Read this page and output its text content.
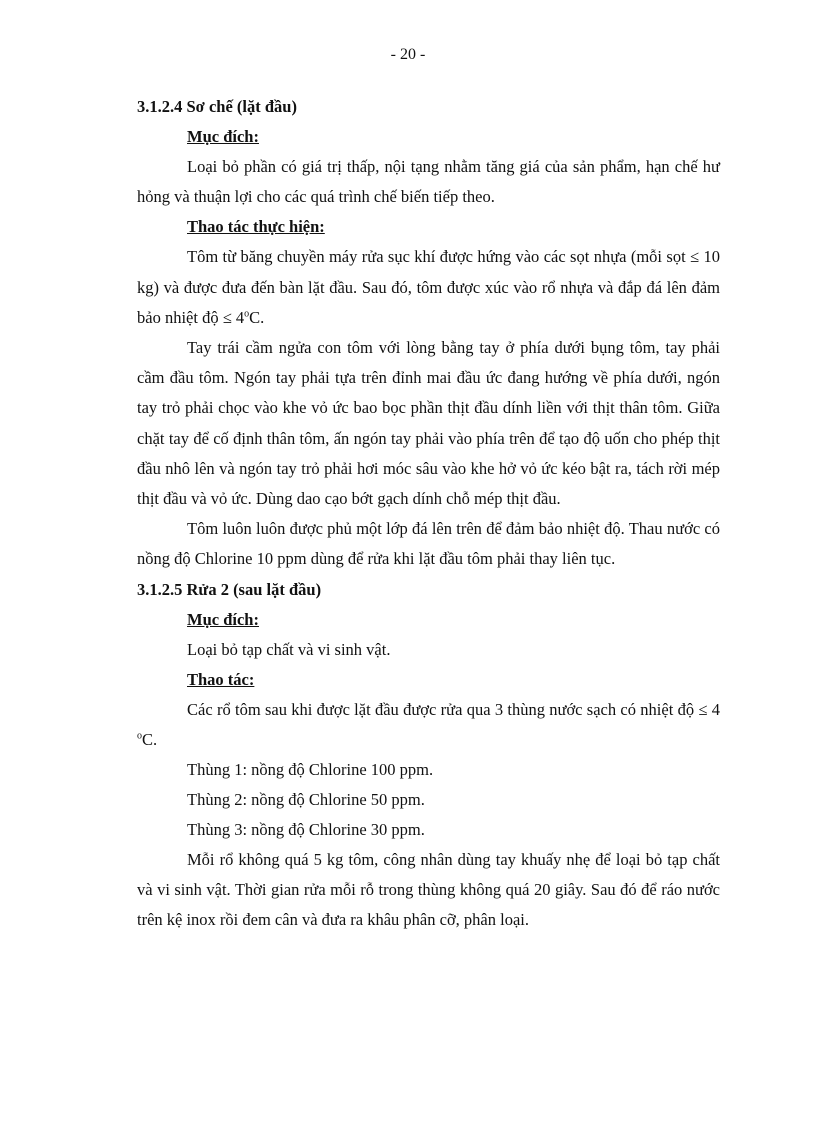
- 20 -

3.1.2.4 Sơ chế (lặt đầu)

Mục đích:

Loại bỏ phần có giá trị thấp, nội tạng nhằm tăng giá của sản phẩm, hạn chế hư hỏng và thuận lợi cho các quá trình chế biến tiếp theo.

Thao tác thực hiện:

Tôm từ băng chuyền máy rửa sục khí được hứng vào các sọt nhựa (mỗi sọt ≤ 10 kg) và được đưa đến bàn lặt đầu. Sau đó, tôm được xúc vào rổ nhựa và đắp đá lên đảm bảo nhiệt độ ≤ $4^oC$.

Tay trái cầm ngửa con tôm với lòng bằng tay ở phía dưới bụng tôm, tay phải cầm đầu tôm. Ngón tay phải tựa trên đỉnh mai đầu ức đang hướng về phía dưới, ngón tay trỏ phải chọc vào khe vỏ ức bao bọc phần thịt đầu dính liền với thịt thân tôm. Giữa chặt tay để cố định thân tôm, ấn ngón tay phải vào phía trên để tạo độ uốn cho phép thịt đầu nhô lên và ngón tay trỏ phải hơi móc sâu vào khe hở vỏ ức kéo bật ra, tách rời mép thịt đầu và vỏ ức. Dùng dao cạo bớt gạch dính chỗ mép thịt đầu.

Tôm luôn luôn được phủ một lớp đá lên trên để đảm bảo nhiệt độ. Thau nước có nồng độ Chlorine 10 ppm dùng để rửa khi lặt đầu tôm phải thay liên tục.

3.1.2.5 Rửa 2 (sau lặt đầu)

Mục đích:

Loại bỏ tạp chất và vi sinh vật.

Thao tác:

Các rổ tôm sau khi được lặt đầu được rửa qua 3 thùng nước sạch có nhiệt độ ≤ 4 $^o$C.

Thùng 1: nồng độ Chlorine 100 ppm.

Thùng 2: nồng độ Chlorine 50 ppm.

Thùng 3: nồng độ Chlorine 30 ppm.

Mỗi rổ không quá 5 kg tôm, công nhân dùng tay khuấy nhẹ để loại bỏ tạp chất và vi sinh vật. Thời gian rửa mỗi rỗ trong thùng không quá 20 giây. Sau đó để ráo nước trên kệ inox rồi đem cân và đưa ra khâu phân cỡ, phân loại.
